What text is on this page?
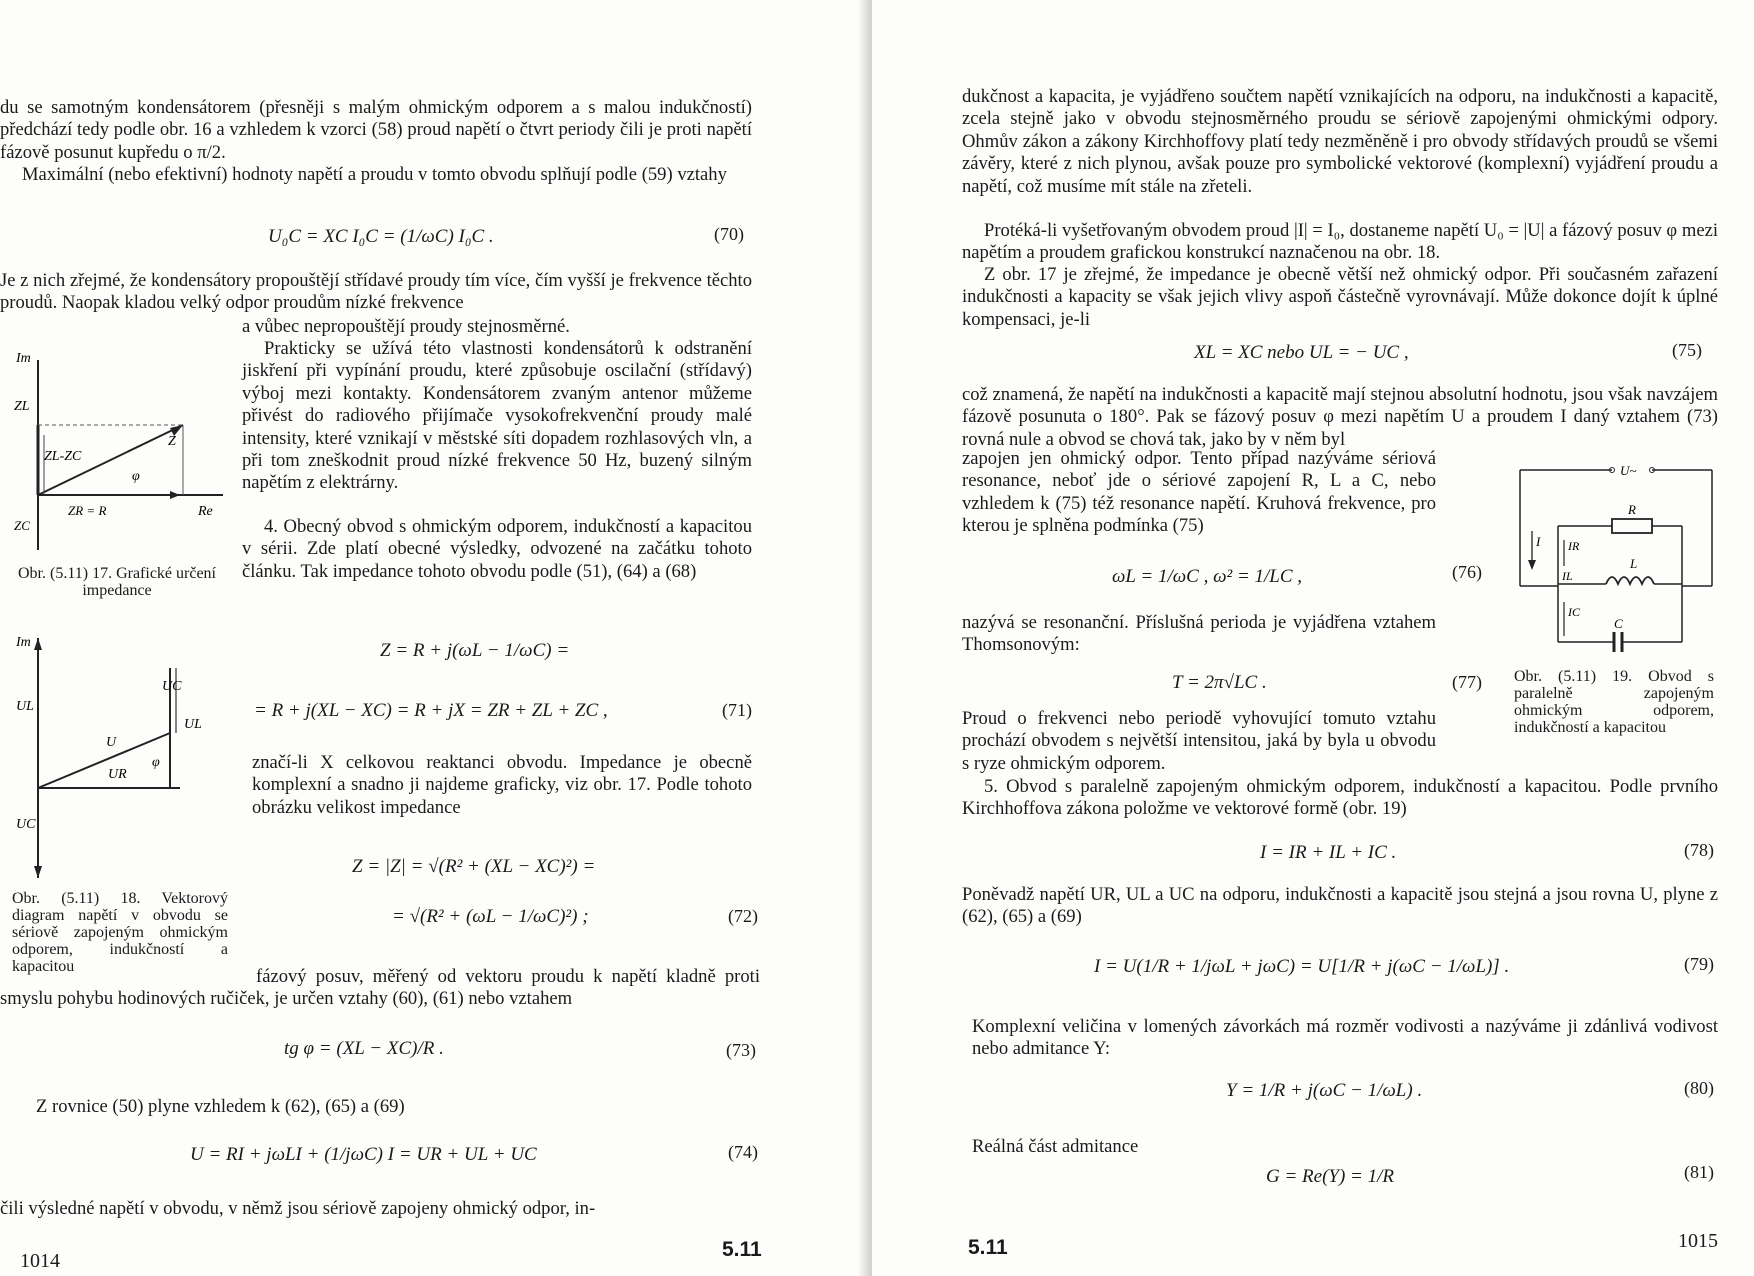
du se samotným kondensátorem (přesněji s malým ohmickým odporem a s malou indukčností) předchází tedy podle obr. 16 a vzhledem k vzorci (58) proud napětí o čtvrt periody čili je proti napětí fázově posunut kupředu o π/2.
Maximální (nebo efektivní) hodnoty napětí a proudu v tomto obvodu splňují podle (59) vztahy
U₀C = XC I₀C = (1/ωC) I₀C .	(70)
Je z nich zřejmé, že kondensátory propouštějí střídavé proudy tím více, čím vyšší je frekvence těchto proudů. Naopak kladou velký odpor proudům nízké frekvence
a vůbec nepropouštějí proudy stejnosměrné.
Prakticky se užívá této vlastnosti kondensátorů k odstranění jiskření při vypínání proudu, které způsobuje oscilační (střídavý) výboj mezi kontakty. Kondensátorem zvaným antenor můžeme přivést do radiového přijímače vysokofrekvenční proudy malé intensity, které vznikají v městské síti dopadem rozhlasových vln, a při tom zneškodnit proud nízké frekvence 50 Hz, buzený silným napětím z elektrárny.
4. Obecný obvod s ohmickým odporem, indukčností a kapacitou v sérii. Zde platí obecné výsledky, odvozené na začátku tohoto článku. Tak impedance tohoto obvodu podle (51), (64) a (68)
Z = R + j(ωL − 1/ωC) =
= R + j(XL − XC) = R + jX = ZR + ZL + ZC ,	(71)
značí-li X celkovou reaktanci obvodu. Impedance je obecně komplexní a snadno ji najdeme graficky, viz obr. 17. Podle tohoto obrázku velikost impedance
Z = |Z| = √(R² + (XL − XC)²) =
= √(R² + (ωL − 1/ωC)²) ;	(72)
fázový posuv, měřený od vektoru proudu k napětí kladně proti smyslu pohybu hodinových ručiček, je určen vztahy (60), (61) nebo vztahem
tg φ = (XL − XC)/R .	(73)
Z rovnice (50) plyne vzhledem k (62), (65) a (69)
U = RI + jωLI + (1/jωC) I = UR + UL + UC	(74)
čili výsledné napětí v obvodu, v němž jsou sériově zapojeny ohmický odpor, in-
1014	5.11
Im
ZL
ZL-ZC
Z
φ
ZR = R	Re
ZC
Obr. (5.11) 17. Grafické určení impedance
Im
UL
UC
U
UR
φ
UC
UL
Obr. (5.11) 18. Vektorový diagram napětí v obvodu se sériově zapojeným ohmickým odporem, indukčností a kapacitou
dukčnost a kapacita, je vyjádřeno součtem napětí vznikajících na odporu, na indukčnosti a kapacitě, zcela stejně jako v obvodu stejnosměrného proudu se sériově zapojenými ohmickými odpory. Ohmův zákon a zákony Kirchhoffovy platí tedy nezměněně i pro obvody střídavých proudů se všemi závěry, které z nich plynou, avšak pouze pro symbolické vektorové (komplexní) vyjádření proudu a napětí, což musíme mít stále na zřeteli.
Protéká-li vyšetřovaným obvodem proud |I| = I₀, dostaneme napětí U₀ = |U| a fázový posuv φ mezi napětím a proudem grafickou konstrukcí naznačenou na obr. 18.
Z obr. 17 je zřejmé, že impedance je obecně větší než ohmický odpor. Při současném zařazení indukčnosti a kapacity se však jejich vlivy aspoň částečně vyrovnávají. Může dokonce dojít k úplné kompensaci, je-li
XL = XC nebo UL = − UC ,	(75)
což znamená, že napětí na indukčnosti a kapacitě mají stejnou absolutní hodnotu, jsou však navzájem fázově posunuta o 180°. Pak se fázový posuv φ mezi napětím U a proudem I daný vztahem (73) rovná nule a obvod se chová tak, jako by v něm byl
zapojen jen ohmický odpor. Tento případ nazýváme sériová resonance, neboť jde o sériové zapojení R, L a C, nebo vzhledem k (75) též resonance napětí. Kruhová frekvence, pro kterou je splněna podmínka (75)
ωL = 1/ωC , ω² = 1/LC ,	(76)
nazývá se resonanční. Příslušná perioda je vyjádřena vztahem Thomsonovým:
T = 2π√LC .	(77)
Proud o frekvenci nebo periodě vyhovující tomuto vztahu prochází obvodem s největší intensitou, jaká by byla u obvodu s ryze ohmickým odporem.
5. Obvod s paralelně zapojeným ohmickým odporem, indukčností a kapacitou. Podle prvního Kirchhoffova zákona položme ve vektorové formě (obr. 19)
I = IR + IL + IC .	(78)
Poněvadž napětí UR, UL a UC na odporu, indukčnosti a kapacitě jsou stejná a jsou rovna U, plyne z (62), (65) a (69)
I = U(1/R + 1/jωL + jωC) = U[1/R + j(ωC − 1/ωL)] .	(79)
Komplexní veličina v lomených závorkách má rozměr vodivosti a nazýváme ji zdánlivá vodivost nebo admitance Y:
Y = 1/R + j(ωC − 1/ωL) .	(80)
Reálná část admitance
G = Re(Y) = 1/R	(81)
5.11	1015
U~
I IR
IL
IC
R
L
C
Obr. (5.11) 19. Obvod s paralelně zapojeným ohmickým odporem, indukčností a kapacitou
